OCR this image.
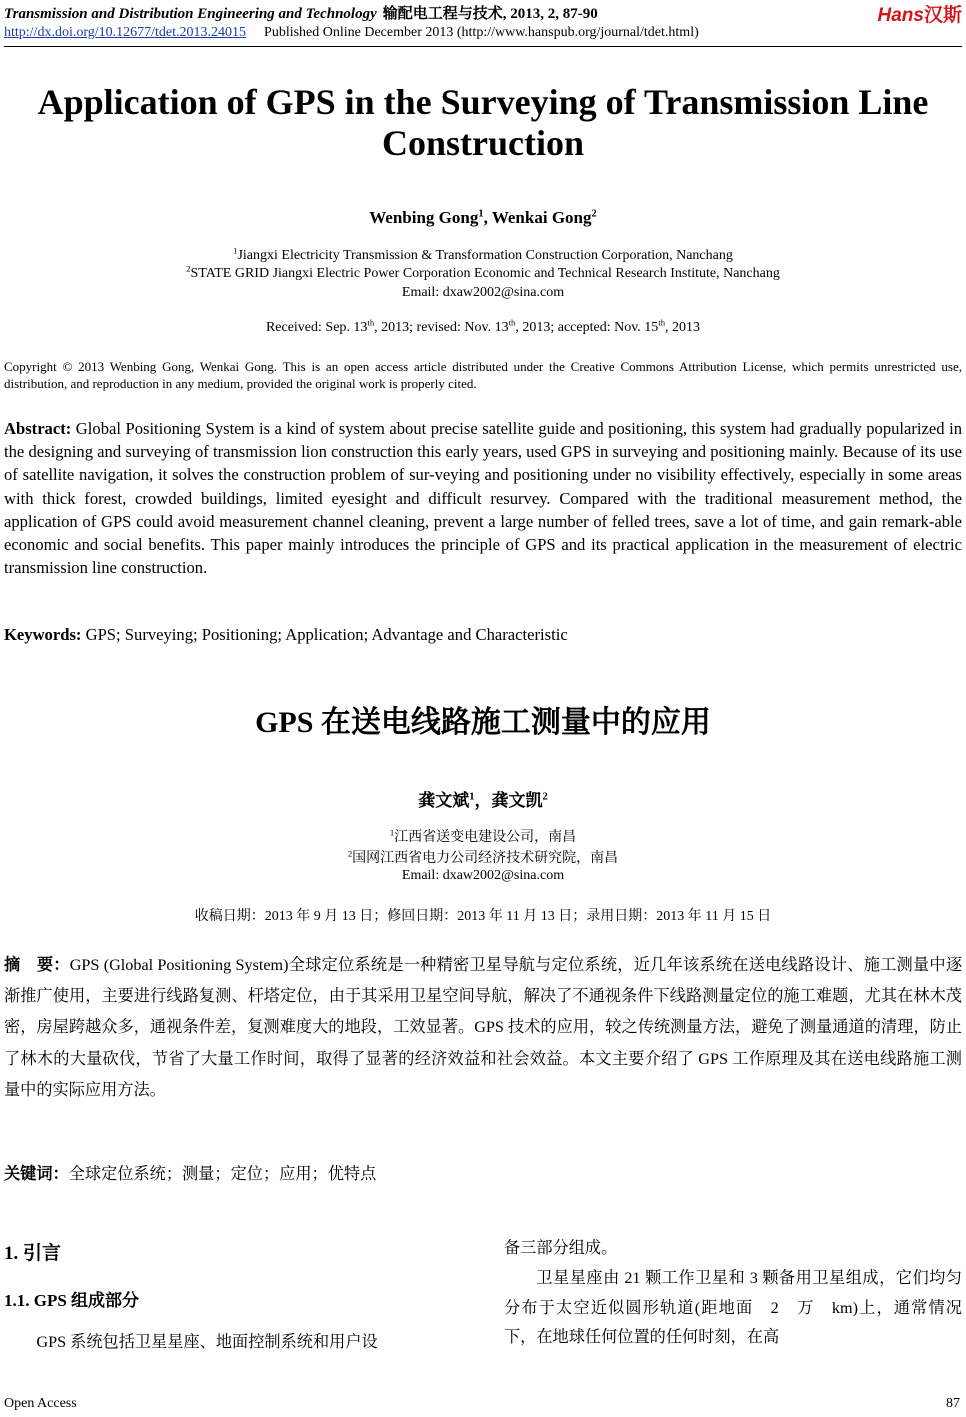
Transmission and Distribution Engineering and Technology 输配电工程与技术, 2013, 2, 87-90
http://dx.doi.org/10.12677/tdet.2013.24015 Published Online December 2013 (http://www.hanspub.org/journal/tdet.html)
Hans汉斯
Application of GPS in the Surveying of Transmission Line Construction
Wenbing Gong$^1$, Wenkai Gong$^2$
$^1$Jiangxi Electricity Transmission & Transformation Construction Corporation, Nanchang
$^2$STATE GRID Jiangxi Electric Power Corporation Economic and Technical Research Institute, Nanchang
Email: dxaw2002@sina.com
Received: Sep. 13th, 2013; revised: Nov. 13th, 2013; accepted: Nov. 15th, 2013
Copyright © 2013 Wenbing Gong, Wenkai Gong. This is an open access article distributed under the Creative Commons Attribution License, which permits unrestricted use, distribution, and reproduction in any medium, provided the original work is properly cited.
Abstract: Global Positioning System is a kind of system about precise satellite guide and positioning, this system had gradually popularized in the designing and surveying of transmission lion construction this early years, used GPS in surveying and positioning mainly. Because of its use of satellite navigation, it solves the construction problem of sur-veying and positioning under no visibility effectively, especially in some areas with thick forest, crowded buildings, limited eyesight and difficult resurvey. Compared with the traditional measurement method, the application of GPS could avoid measurement channel cleaning, prevent a large number of felled trees, save a lot of time, and gain remark-able economic and social benefits. This paper mainly introduces the principle of GPS and its practical application in the measurement of electric transmission line construction.
Keywords: GPS; Surveying; Positioning; Application; Advantage and Characteristic
GPS 在送电线路施工测量中的应用
龚文斌$^1$，龚文凯$^2$
$^1$江西省送变电建设公司，南昌
$^2$国网江西省电力公司经济技术研究院，南昌
Email: dxaw2002@sina.com
收稿日期：2013 年 9 月 13 日；修回日期：2013 年 11 月 13 日；录用日期：2013 年 11 月 15 日
摘　要：GPS (Global Positioning System)全球定位系统是一种精密卫星导航与定位系统，近几年该系统在送电线路设计、施工测量中逐渐推广使用，主要进行线路复测、杆塔定位，由于其采用卫星空间导航，解决了不通视条件下线路测量定位的施工难题，尤其在林木茂密，房屋跨越众多，通视条件差，复测难度大的地段，工效显著。GPS 技术的应用，较之传统测量方法，避免了测量通道的清理，防止了林木的大量砍伐，节省了大量工作时间，取得了显著的经济效益和社会效益。本文主要介绍了 GPS 工作原理及其在送电线路施工测量中的实际应用方法。
关键词：全球定位系统；测量；定位；应用；优特点
1. 引言
1.1. GPS 组成部分
GPS 系统包括卫星星座、地面控制系统和用户设
备三部分组成。
卫星星座由 21 颗工作卫星和 3 颗备用卫星组成，它们均匀分布于太空近似圆形轨道(距地面　2　万　km)上，通常情况下，在地球任何位置的任何时刻，在高
Open Access	87
